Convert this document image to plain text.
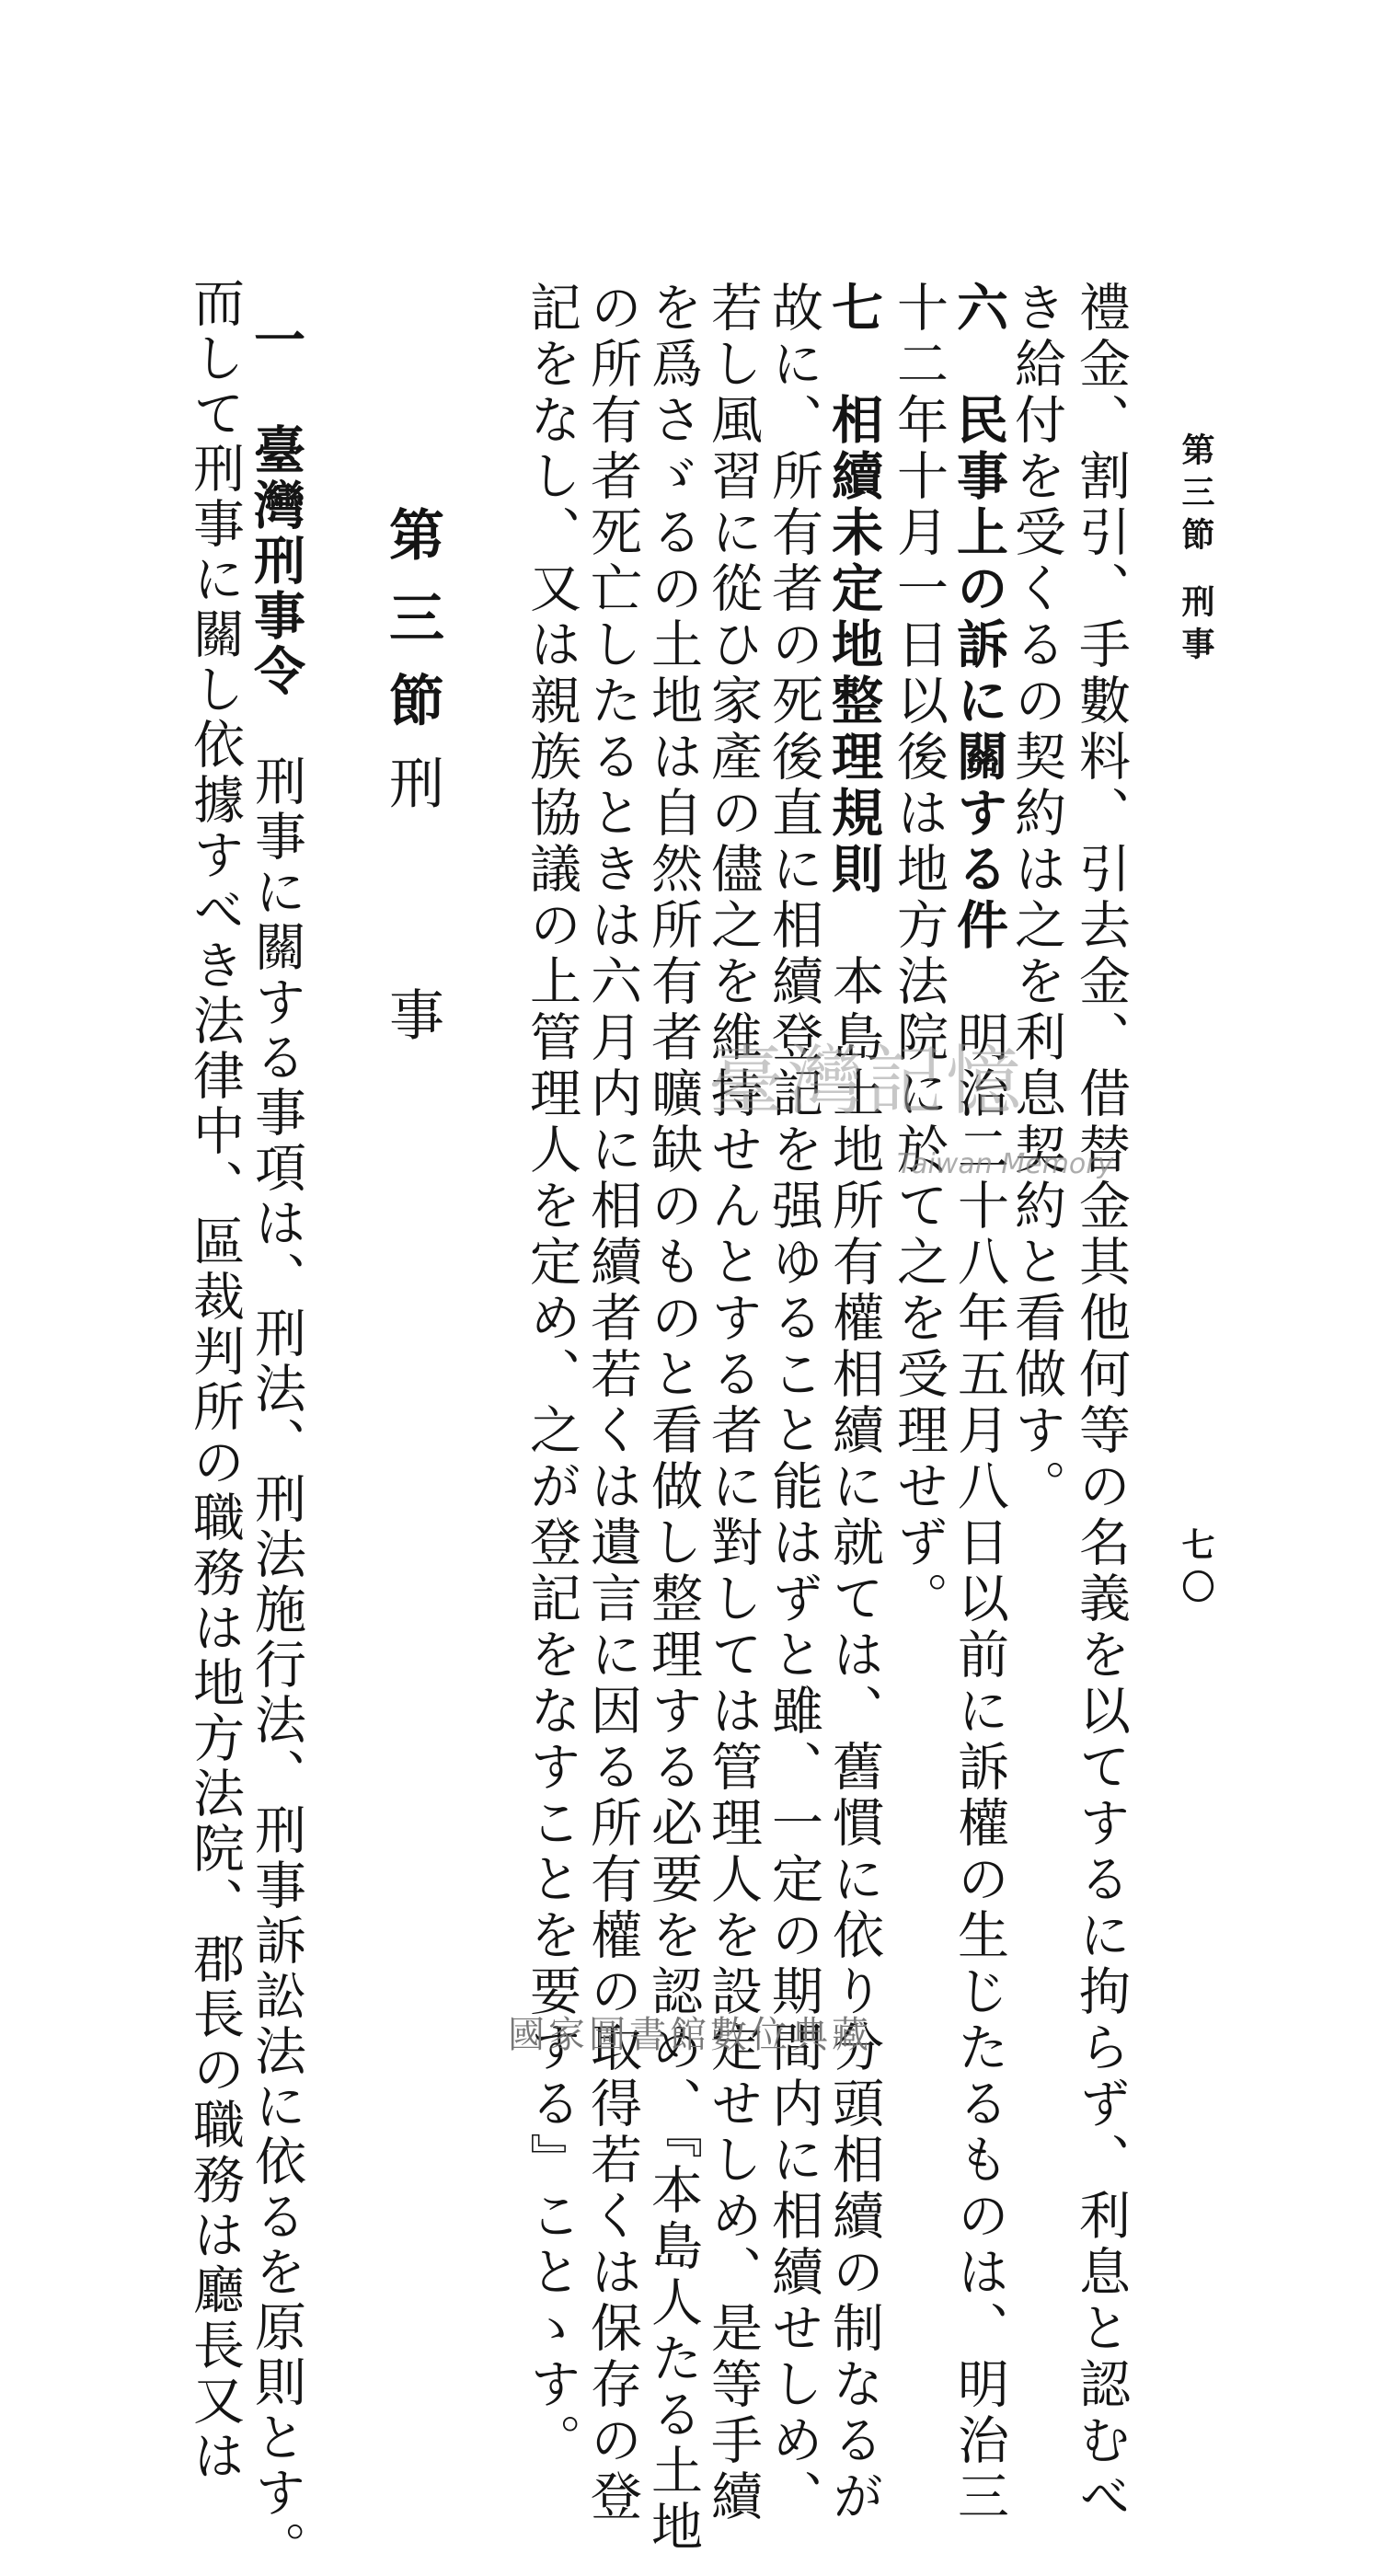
第三節
刑事
七〇
禮金、割引、手數料、引去金、借替金其他何等の名義を以てするに拘らず、利息と認むべ
き給付を受くるの契約は之を利息契約と看做す。
六　民事上の訴に關する件　明治二十八年五月八日以前に訴權の生じたるものは、明治三
十二年十月一日以後は地方法院に於て之を受理せず。
七　相續未定地整理規則　本島土地所有權相續に就ては、舊慣に依り分頭相續の制なるが
故に、所有者の死後直に相續登記を强ゆること能はずと雖、一定の期間内に相續せしめ、
若し風習に從ひ家產の儘之を維持せんとする者に對しては管理人を設定せしめ、是等手續
を爲さゞるの土地は自然所有者曠缺のものと看做し整理する必要を認め、『本島人たる土地
の所有者死亡したるときは六月内に相續者若くは遺言に因る所有權の取得若くは保存の登
記をなし、又は親族協議の上管理人を定め、之が登記をなすことを要する』ことゝす。
第三節
刑　　事
一　臺灣刑事令　刑事に關する事項は、刑法、刑法施行法、刑事訴訟法に依るを原則とす。
而して刑事に關し依據すべき法律中、區裁判所の職務は地方法院、郡長の職務は廳長又は	臺灣記憶
Taiwan Memory
國家圖書館數位典藏
